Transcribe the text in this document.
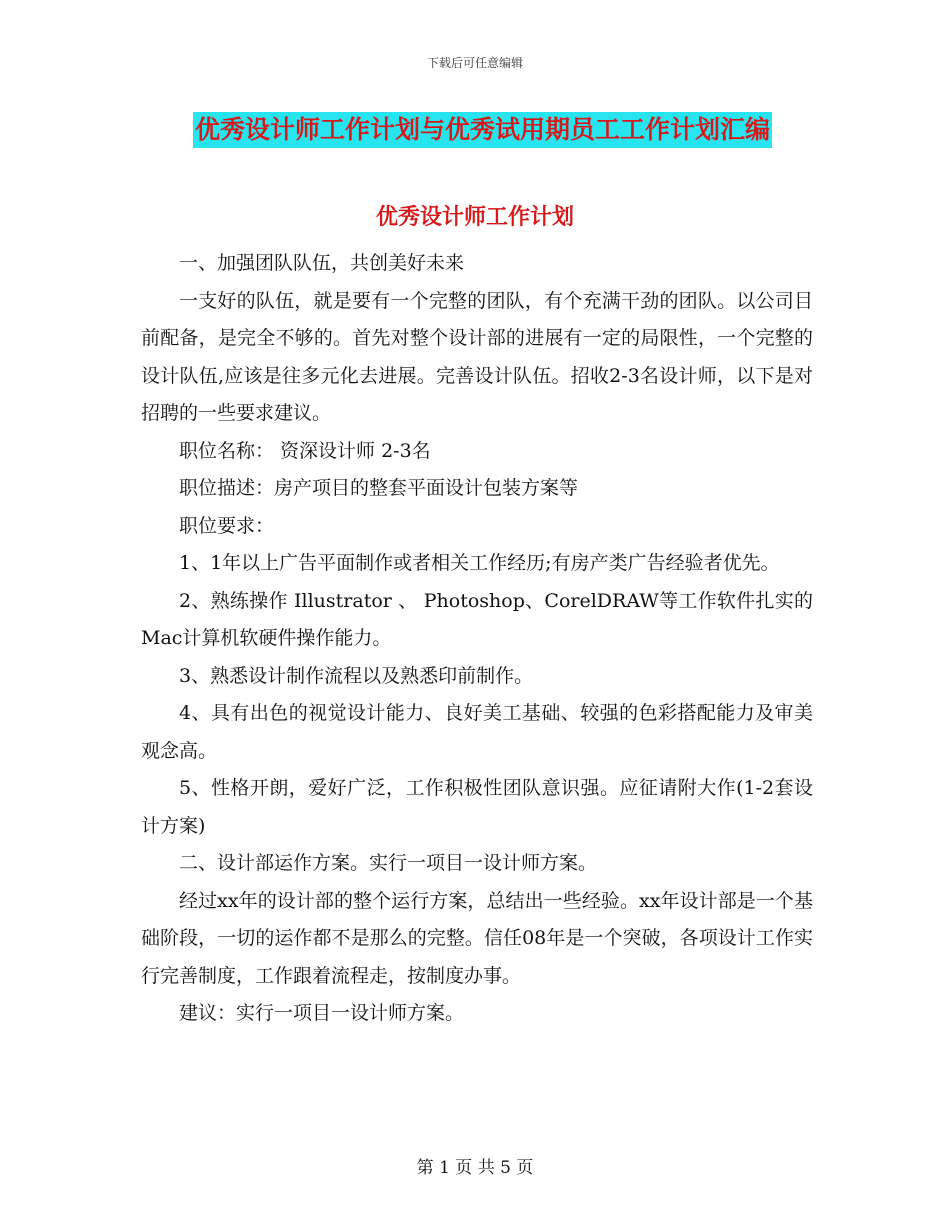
下载后可任意编辑
优秀设计师工作计划与优秀试用期员工工作计划汇编
优秀设计师工作计划

一、加强团队队伍，共创美好未来

一支好的队伍，就是要有一个完整的团队，有个充满干劲的团队。以公司目前配备，是完全不够的。首先对整个设计部的进展有一定的局限性，一个完整的设计队伍,应该是往多元化去进展。完善设计队伍。招收2-3名设计师，以下是对招聘的一些要求建议。

职位名称： 资深设计师 2-3名

职位描述：房产项目的整套平面设计包装方案等

职位要求：

1、1年以上广告平面制作或者相关工作经历;有房产类广告经验者优先。

2、熟练操作 Illustrator 、 Photoshop、CorelDRAW等工作软件扎实的Mac计算机软硬件操作能力。

3、熟悉设计制作流程以及熟悉印前制作。

4、具有出色的视觉设计能力、良好美工基础、较强的色彩搭配能力及审美观念高。

5、性格开朗，爱好广泛，工作积极性团队意识强。应征请附大作(1-2套设计方案)

二、设计部运作方案。实行一项目一设计师方案。

经过xx年的设计部的整个运行方案，总结出一些经验。xx年设计部是一个基础阶段，一切的运作都不是那么的完整。信任08年是一个突破，各项设计工作实行完善制度，工作跟着流程走，按制度办事。

建议：实行一项目一设计师方案。

第 1 页 共 5 页
